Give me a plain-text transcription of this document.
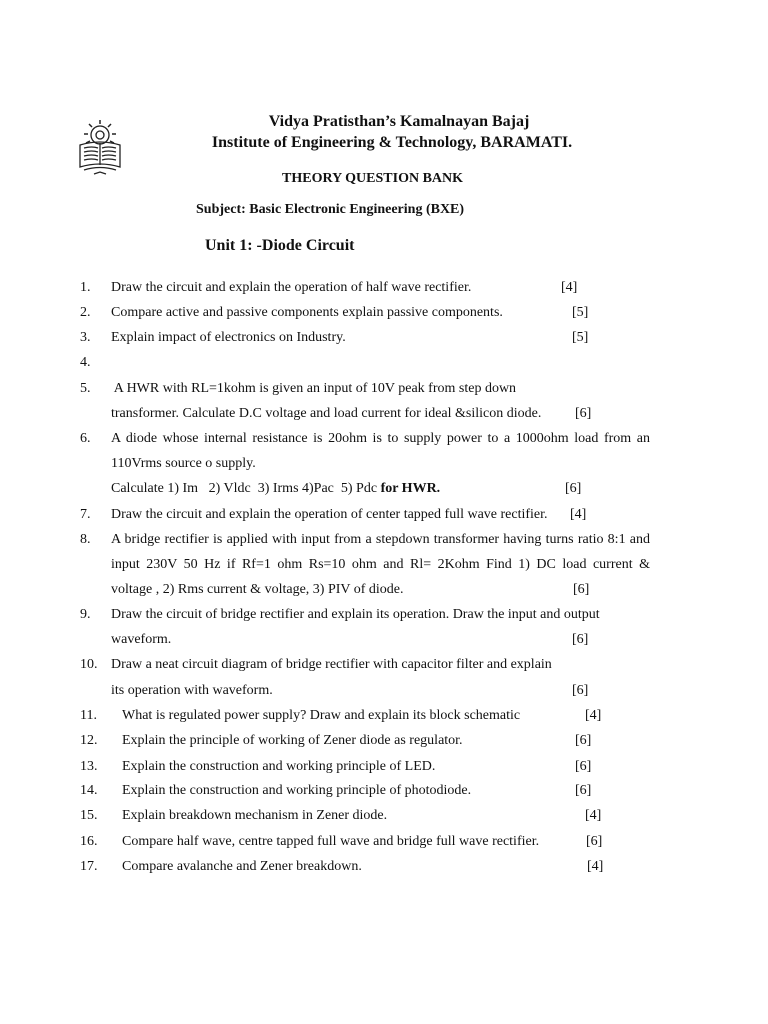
Vidya Pratisthan’s Kamalnayan Bajaj
Institute of Engineering & Technology, BARAMATI.
THEORY QUESTION BANK
Subject: Basic Electronic Engineering (BXE)
Unit 1: -Diode Circuit
1. Draw the circuit and explain the operation of half wave rectifier.	[4]
2. Compare active and passive components explain passive components.	[5]
3. Explain impact of electronics on Industry.	[5]
4.
5. A HWR with RL=1kohm is given an input of 10V peak from step down
transformer. Calculate D.C voltage and load current for ideal &silicon diode. [6]
6. A diode whose internal resistance is 20ohm is to supply power to a 1000ohm load from an
110Vrms source o supply.
Calculate 1) Im   2) Vldc  3) Irms 4)Pac  5) Pdc for HWR.	[6]
7. Draw the circuit and explain the operation of center tapped full wave rectifier. [4]
8. A bridge rectifier is applied with input from a stepdown transformer having turns ratio 8:1 and
input 230V 50 Hz if Rf=1 ohm Rs=10 ohm and Rl= 2Kohm Find 1) DC load current &
voltage , 2) Rms current & voltage, 3) PIV of diode.	[6]
9. Draw the circuit of bridge rectifier and explain its operation. Draw the input and output
waveform.	[6]
10. Draw a neat circuit diagram of bridge rectifier with capacitor filter and explain
its operation with waveform.	[6]
11. What is regulated power supply? Draw and explain its block schematic	[4]
12. Explain the principle of working of Zener diode as regulator.	[6]
13. Explain the construction and working principle of LED.	[6]
14. Explain the construction and working principle of photodiode.	[6]
15. Explain breakdown mechanism in Zener diode.	[4]
16. Compare half wave, centre tapped full wave and bridge full wave rectifier.	[6]
17. Compare avalanche and Zener breakdown.	[4]
